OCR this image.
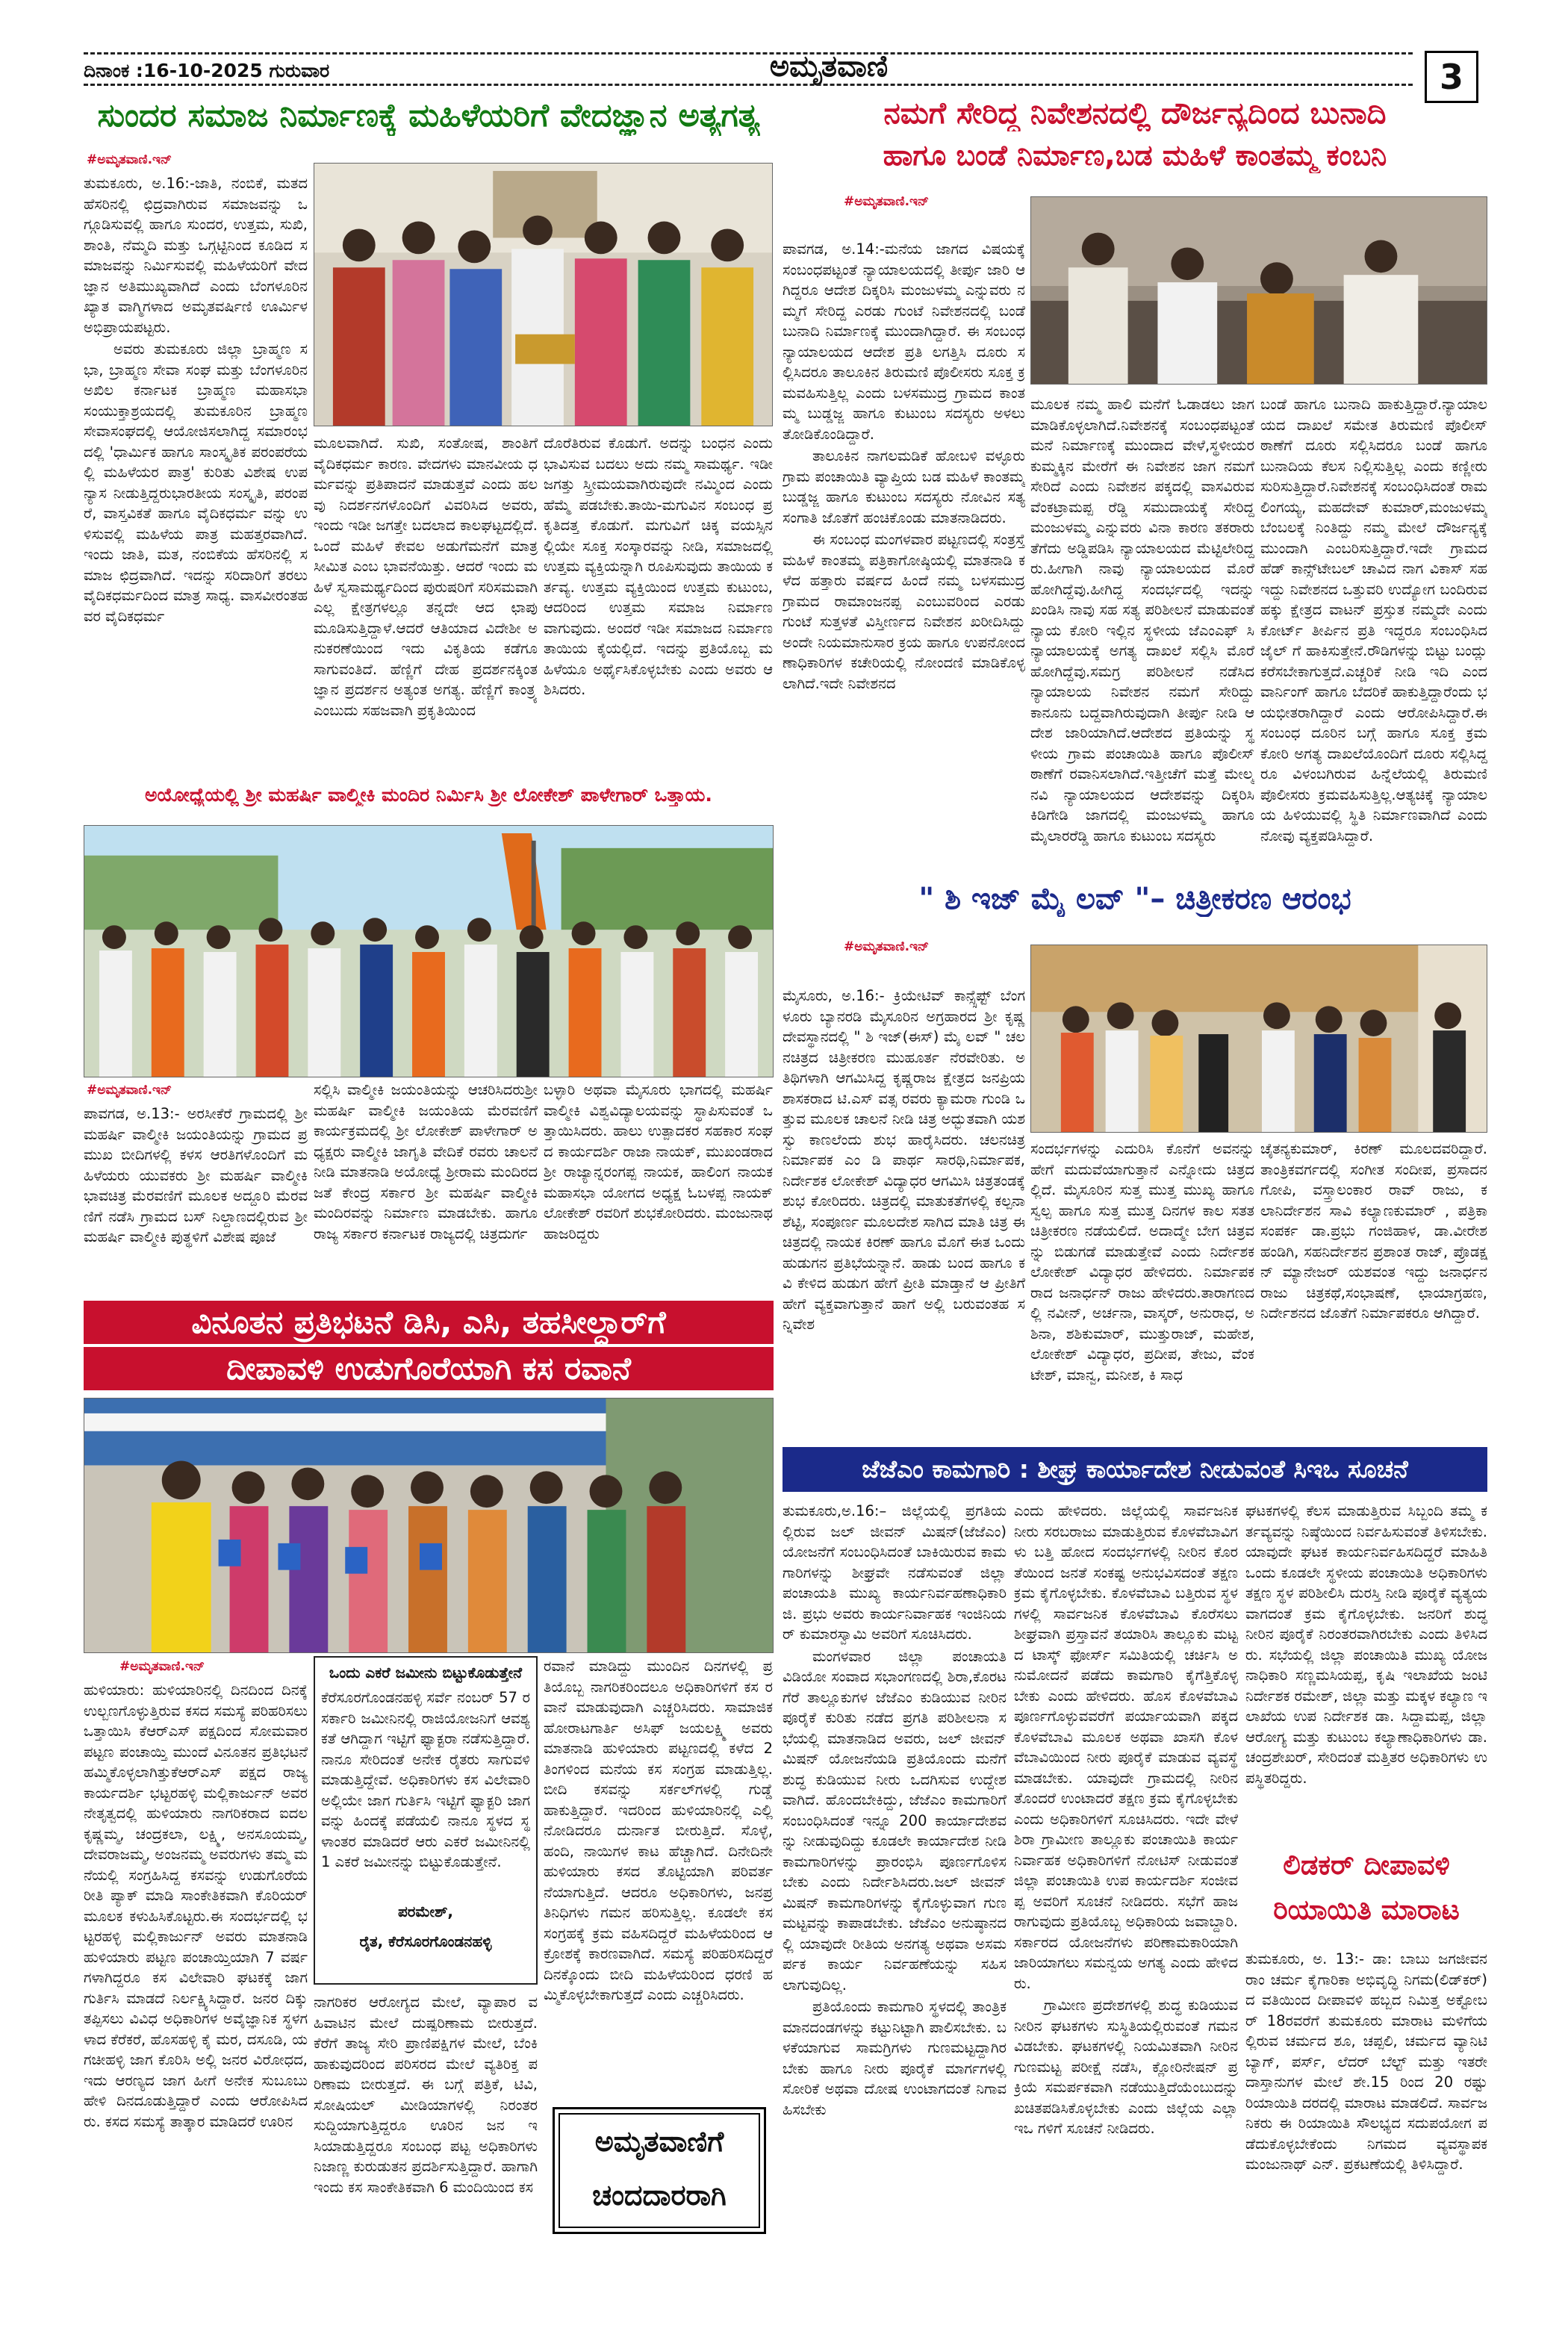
ದಿನಾಂಕ :16-10-2025 ಗುರುವಾರ	ಅಮೃತವಾಣಿ	3
ಸುಂದರ ಸಮಾಜ ನಿರ್ಮಾಣಕ್ಕೆ ಮಹಿಳೆಯರಿಗೆ ವೇದಜ್ಞಾನ ಅತ್ಯಗತ್ಯ
#ಅಮೃತವಾಣಿ.ಇನ್

ತುಮಕೂರು, ಅ.16:-ಜಾತಿ, ನಂಬಿಕೆ, ಮತದ ಹೆಸರಿನಲ್ಲಿ ಛಿದ್ರವಾಗಿರುವ ಸಮಾಜವನ್ನು ಒಗ್ಗೂಡಿಸುವಲ್ಲಿ ಹಾಗೂ ಸುಂದರ, ಉತ್ತಮ, ಸುಖಿ, ಶಾಂತಿ, ನೆಮ್ಮದಿ ಮತ್ತು ಒಗ್ಗಟ್ಟಿನಿಂದ ಕೂಡಿದ ಸಮಾಜವನ್ನು ನಿರ್ಮಿಸುವಲ್ಲಿ ಮಹಿಳೆಯರಿಗೆ ವೇದಜ್ಞಾನ ಅತಿಮುಖ್ಯವಾಗಿದೆ ಎಂದು ಬೆಂಗಳೂರಿನ ಖ್ಯಾತ ವಾಗ್ಮಿಗಳಾದ ಅಮೃತವರ್ಷಿಣಿ ಊರ್ಮಿಳ ಅಭಿಪ್ರಾಯಪಟ್ಟರು.

ಅವರು ತುಮಕೂರು ಜಿಲ್ಲಾ ಬ್ರಾಹ್ಮಣ ಸಭಾ, ಬ್ರಾಹ್ಮಣ ಸೇವಾ ಸಂಘ ಮತ್ತು ಬೆಂಗಳೂರಿನ ಅಖಿಲ ಕರ್ನಾಟಕ ಬ್ರಾಹ್ಮಣ ಮಹಾಸಭಾ ಸಂಯುಕ್ತಾಶ್ರಯದಲ್ಲಿ ತುಮಕೂರಿನ ಬ್ರಾಹ್ಮಣ ಸೇವಾಸಂಘದಲ್ಲಿ ಆಯೋಜಿಸಲಾಗಿದ್ದ ಸಮಾರಂಭದಲ್ಲಿ 'ಧಾರ್ಮಿಕ ಹಾಗೂ ಸಾಂಸ್ಕೃತಿಕ ಪರಂಪರೆಯಲ್ಲಿ ಮಹಿಳೆಯರ ಪಾತ್ರ' ಕುರಿತು ವಿಶೇಷ ಉಪನ್ಯಾಸ ನೀಡುತ್ತಿದ್ದರುಭಾರತೀಯ ಸಂಸ್ಕೃತಿ, ಪರಂಪರೆ, ವಾಸ್ತವಿಕತೆ ಹಾಗೂ ವೈದಿಕಧರ್ಮ ವನ್ನು ಉಳಿಸುವಲ್ಲಿ ಮಹಿಳೆಯ ಪಾತ್ರ ಮಹತ್ತರವಾಗಿದೆ. ಇಂದು ಜಾತಿ, ಮತ, ನಂಬಿಕೆಯ ಹೆಸರಿನಲ್ಲಿ ಸಮಾಜ ಛಿದ್ರವಾಗಿದೆ. ಇದನ್ನು ಸರಿದಾರಿಗೆ ತರಲು ವೈದಿಕಧರ್ಮದಿಂದ ಮಾತ್ರ ಸಾಧ್ಯ. ವಾಸವೀರಂತಹವರ ವೈದಿಕಧರ್ಮ

ಮೂಲವಾಗಿದೆ. ಸುಖಿ, ಸಂತೋಷ, ಶಾಂತಿಗೆ ವೈದಿಕಧರ್ಮ ಕಾರಣ. ವೇದಗಳು ಮಾನವೀಯ ಧರ್ಮವನ್ನು ಪ್ರತಿಪಾದನೆ ಮಾಡುತ್ತವೆ ಎಂದು ಹಲವು ನಿದರ್ಶನಗಳೊಂದಿಗೆ ವಿವರಿಸಿದ ಅವರು, ಇಂದು ಇಡೀ ಜಗತ್ತೇ ಬದಲಾದ ಕಾಲಘಟ್ಟದಲ್ಲಿದೆ. ಒಂದೆ ಮಹಿಳೆ ಕೇವಲ ಅಡುಗೆಮನೆಗೆ ಮಾತ್ರ ಸೀಮಿತ ಎಂಬ ಭಾವನೆಯಿತ್ತು. ಆದರೆ ಇಂದು ಮಹಿಳೆ ಸ್ವಸಾಮರ್ಥ್ಯದಿಂದ ಪುರುಷರಿಗೆ ಸರಿಸಮವಾಗಿ ಎಲ್ಲ ಕ್ಷೇತ್ರಗಳಲ್ಲೂ ತನ್ನದೇ ಆದ ಛಾಪು ಮೂಡಿಸುತ್ತಿದ್ದಾಳೆ.ಆದರೆ ಆತಿಯಾದ ವಿದೇಶೀ ಅನುಕರಣೆಯಿಂದ ಇದು ವಿಕೃತಿಯ ಕಡೆಗೂ ಸಾಗುವಂತಿದೆ. ಹೆಣ್ಣಿಗೆ ದೇಹ ಪ್ರದರ್ಶನಕ್ಕಿಂತ ಜ್ಞಾನ ಪ್ರದರ್ಶನ ಅತ್ಯಂತ ಅಗತ್ಯ. ಹೆಣ್ಣಿಗೆ ಕಾಂತ್ರ್ಯ ಎಂಬುದು ಸಹಜವಾಗಿ ಪ್ರಕೃತಿಯಿಂದ
ದೊರೆತಿರುವ ಕೊಡುಗೆ. ಅದನ್ನು ಬಂಧನ ಎಂದು ಭಾವಿಸುವ ಬದಲು ಅದು ನಮ್ಮ ಸಾಮರ್ಥ್ಯ. ಇಡೀ ಜಗತ್ತು ಸ್ತ್ರೀಮಯವಾಗಿರುವುದೇ ನಮ್ಮಿಂದ ಎಂದು ಹೆಮ್ಮೆ ಪಡಬೇಕು.ತಾಯಿ-ಮಗುವಿನ ಸಂಬಂಧ ಪ್ರಕೃತಿದತ್ತ ಕೊಡುಗೆ. ಮಗುವಿಗೆ ಚಿಕ್ಕ ವಯಸ್ಸಿನಲ್ಲಿಯೇ ಸೂಕ್ತ ಸಂಸ್ಕಾರವನ್ನು ನೀಡಿ, ಸಮಾಜದಲ್ಲಿ ಉತ್ತಮ ವ್ಯಕ್ತಿಯನ್ನಾಗಿ ರೂಪಿಸುವುದು ತಾಯಿಯ ಕರ್ತವ್ಯ. ಉತ್ತಮ ವ್ಯಕ್ತಿಯಿಂದ ಉತ್ತಮ ಕುಟುಂಬ, ಆದರಿಂದ ಉತ್ತಮ ಸಮಾಜ ನಿರ್ಮಾಣವಾಗುವುದು. ಅಂದರೆ ಇಡೀ ಸಮಾಜದ ನಿರ್ಮಾಣ ತಾಯಿಯ ಕೈಯಲ್ಲಿದೆ. ಇದನ್ನು ಪ್ರತಿಯೊಬ್ಬ ಮಹಿಳೆಯೂ ಅರ್ಥೈಸಿಕೊಳ್ಳಬೇಕು ಎಂದು ಅವರು ಆಶಿಸಿದರು.
ಅಯೋಧ್ಯೆಯಲ್ಲಿ ಶ್ರೀ ಮಹರ್ಷಿ ವಾಲ್ಮೀಕಿ ಮಂದಿರ ನಿರ್ಮಿಸಿ ಶ್ರೀ ಲೋಕೇಶ್ ಪಾಳೇಗಾರ್ ಒತ್ತಾಯ.
#ಅಮೃತವಾಣಿ.ಇನ್
ಪಾವಗಡ, ಅ.13:- ಅರಸೀಕೆರೆ ಗ್ರಾಮದಲ್ಲಿ ಶ್ರೀ ಮಹರ್ಷಿ ವಾಲ್ಮೀಕಿ ಜಯಂತಿಯನ್ನು ಗ್ರಾಮದ ಪ್ರಮುಖ ಬೀದಿಗಳಲ್ಲಿ ಕಳಸ ಆರತಿಗಳೊಂದಿಗೆ ಮಹಿಳೆಯರು ಯುವಕರು ಶ್ರೀ ಮಹರ್ಷಿ ವಾಲ್ಮೀಕಿ ಭಾವಚಿತ್ರ ಮೆರವಣಿಗೆ ಮೂಲಕ ಅದ್ದೂರಿ ಮೆರವಣಿಗೆ ನಡೆಸಿ ಗ್ರಾಮದ ಬಸ್ ನಿಲ್ದಾಣದಲ್ಲಿರುವ ಶ್ರೀ ಮಹರ್ಷಿ ವಾಲ್ಮೀಕಿ ಪುತ್ಥಳಿಗೆ ವಿಶೇಷ ಪೂಜೆ
ಸಲ್ಲಿಸಿ ವಾಲ್ಮೀಕಿ ಜಯಂತಿಯನ್ನು ಆಚರಿಸಿದರುಶ್ರೀ ಮಹರ್ಷಿ ವಾಲ್ಮೀಕಿ ಜಯಂತಿಯ ಮೆರವಣಿಗೆ ಕಾರ್ಯಕ್ರಮದಲ್ಲಿ ಶ್ರೀ ಲೋಕೇಶ್ ಪಾಳೇಗಾರ್ ಅಧ್ಯಕ್ಷರು ವಾಲ್ಮೀಕಿ ಜಾಗೃತಿ ವೇದಿಕೆ ರವರು ಚಾಲನೆ ನೀಡಿ ಮಾತನಾಡಿ ಅಯೋಧ್ಯೆ ಶ್ರೀರಾಮ ಮಂದಿರದ ಜತೆ ಕೇಂದ್ರ ಸರ್ಕಾರ ಶ್ರೀ ಮಹರ್ಷಿ ವಾಲ್ಮೀಕಿ ಮಂದಿರವನ್ನು ನಿರ್ಮಾಣ ಮಾಡಬೇಕು. ಹಾಗೂ ರಾಜ್ಯ ಸರ್ಕಾರ ಕರ್ನಾಟಕ ರಾಜ್ಯದಲ್ಲಿ ಚಿತ್ರದುರ್ಗ
ಬಳ್ಳಾರಿ ಅಥವಾ ಮೈಸೂರು ಭಾಗದಲ್ಲಿ ಮಹರ್ಷಿ ವಾಲ್ಮೀಕಿ ವಿಶ್ವವಿದ್ಯಾಲಯವನ್ನು ಸ್ಥಾಪಿಸುವಂತೆ ಒತ್ತಾಯಿಸಿದರು. ಹಾಲು ಉತ್ಪಾದಕರ ಸಹಕಾರ ಸಂಘದ ಕಾರ್ಯದರ್ಶಿ ರಾಜಾ ನಾಯಕ್, ಮುಖಂಡರಾದ ಶ್ರೀ ರಾಜ್ಯಾನ್ನರಂಗಪ್ಪ ನಾಯಕ, ಹಾಲಿಂಗ ನಾಯಕ ಮಹಾಸಭಾ ಯೋಗದ ಅಧ್ಯಕ್ಷ ಓಬಳಪ್ಪ ನಾಯಕ್ ಲೋಕೇಶ್ ರವರಿಗೆ ಶುಭಕೋರಿದರು. ಮಂಜುನಾಥ ಹಾಜರಿದ್ದರು
ವಿನೂತನ ಪ್ರತಿಭಟನೆ ಡಿಸಿ, ಎಸಿ, ತಹಸೀಲ್ದಾರ್‌ಗೆ
ದೀಪಾವಳಿ ಉಡುಗೊರೆಯಾಗಿ ಕಸ ರವಾನೆ
#ಅಮೃತವಾಣಿ.ಇನ್
ಹುಳಿಯಾರು: ಹುಳಿಯಾರಿನಲ್ಲಿ ದಿನದಿಂದ ದಿನಕ್ಕೆ ಉಲ್ಬಣಗೊಳ್ಳುತ್ತಿರುವ ಕಸದ ಸಮಸ್ಯೆ ಪರಿಹರಿಸಲು ಒತ್ತಾಯಿಸಿ ಕೆಆರ್‌ಎಸ್ ಪಕ್ಷದಿಂದ ಸೋಮವಾರ ಪಟ್ಟಣ ಪಂಚಾಯ್ತಿ ಮುಂದೆ ವಿನೂತನ ಪ್ರತಿಭಟನೆ ಹಮ್ಮಿಕೊಳ್ಳಲಾಗಿತ್ತುಕೆಆರ್‌ಎಸ್ ಪಕ್ಷದ ರಾಜ್ಯ ಕಾರ್ಯದರ್ಶಿ ಭಟ್ಟರಹಳ್ಳಿ ಮಲ್ಲಿಕಾರ್ಜುನ್ ಅವರ ನೇತೃತ್ವದಲ್ಲಿ ಹುಳಿಯಾರು ನಾಗರಿಕರಾದ ಐದಲ ಕೃಷ್ಣಮ್ಮ, ಚಂದ್ರಕಲಾ, ಲಕ್ಷ್ಮಿ, ಅನಸೂಯಮ್ಮ, ದೇವರಾಜಮ್ಮ, ಅಂಜನಮ್ಮ ಅವರುಗಳು ತಮ್ಮ ಮನೆಯಲ್ಲಿ ಸಂಗ್ರಹಿಸಿದ್ದ ಕಸವನ್ನು ಉಡುಗೊರೆಯ ರೀತಿ ಪ್ಯಾಕ್ ಮಾಡಿ ಸಾಂಕೇತಿಕವಾಗಿ ಕೊರಿಯರ್ ಮೂಲಕ ಕಳುಹಿಸಿಕೊಟ್ಟರು.ಈ ಸಂದರ್ಭದಲ್ಲಿ ಭಟ್ಟರಹಳ್ಳಿ ಮಲ್ಲಿಕಾರ್ಜುನ್ ಅವರು ಮಾತನಾಡಿ ಹುಳಿಯಾರು ಪಟ್ಟಣ ಪಂಚಾಯ್ತಿಯಾಗಿ 7 ವರ್ಷಗಳಾಗಿದ್ದರೂ ಕಸ ವಿಲೇವಾರಿ ಘಟಕಕ್ಕೆ ಜಾಗ ಗುರ್ತಿಸಿ ಮಾಡದೆ ನಿರ್ಲಕ್ಷ್ಯಿಸಿದ್ದಾರೆ. ಜನರ ದಿಕ್ಕು ತಪ್ಪಿಸಲು ವಿವಿಧ ಅಧಿಕಾರಿಗಳ ಅವೈಜ್ಞಾನಿಕ ಸ್ಥಳಗಳಾದ ಕೆರೆಕರೆ, ಹೊಸಹಳ್ಳಿ ಕೈ ಮರ, ದಸೂಡಿ, ಯಗಚೀಹಳ್ಳಿ ಜಾಗ ಕೊರಿಸಿ ಅಲ್ಲಿ ಜನರ ವಿರೋಧದ, ಇದು ಆರಣ್ಯದ ಜಾಗ ಹೀಗೆ ಅನೇಕ ಸುಬೂಬು ಹೇಳಿ ದಿನದೂಡುತ್ತಿದ್ದಾರೆ ಎಂದು ಆರೋಪಿಸಿದರು. ಕಸದ ಸಮಸ್ಯೆ ತಾತ್ಕಾರ ಮಾಡಿದರೆ ಊರಿನ
ಒಂದು ಎಕರೆ ಜಮೀನು ಬಿಟ್ಟುಕೊಡುತ್ತೇನೆ
ಕೆರೆಸೂರಗೊಂಡನಹಳ್ಳಿ ಸರ್ವೆ ನಂಬರ್ 57 ರ ಸರ್ಕಾರಿ ಜಮೀನಿನಲ್ಲಿ ರಾಜಿಯೋಜನಿಗೆ ಆವಶ್ಯಕತೆ ಆಗಿದ್ದಾಗ ಇಟ್ಟಿಗೆ ಫ್ಯಾಕ್ಟರಾ ನಡೆಸುತ್ತಿದ್ದಾರೆ. ನಾನೂ ಸೇರಿದಂತೆ ಅನೇಕ ರೈತರು ಸಾಗುವಳಿ ಮಾಡುತ್ತಿದ್ದೇವೆ. ಅಧಿಕಾರಿಗಳು ಕಸ ವಿಲೇವಾರಿ ಅಲ್ಲಿಯೇ ಜಾಗ ಗುರ್ತಿಸಿ ಇಟ್ಟಿಗೆ ಫ್ಯಾಕ್ಟರಿ ಜಾಗವನ್ನು ಹಿಂದಕ್ಕೆ ಪಡೆಯಲಿ ನಾನೂ ಸ್ಥಳದ ಸ್ಥಳಾಂತರ ಮಾಡಿದರೆ ಆರು ಎಕರೆ ಜಮೀನಿನಲ್ಲಿ 1 ಎಕರೆ ಜಮೀನನ್ನು ಬಿಟ್ಟುಕೊಡುತ್ತೇನೆ.
ಪರಮೇಶ್,
ರೈತ, ಕೆರೆಸೂರಗೊಂಡನಹಳ್ಳಿ
ನಾಗರಿಕರ ಆರೋಗ್ಯದ ಮೇಲೆ, ವ್ಯಾಪಾರ ವಹಿವಾಟಿನ ಮೇಲೆ ದುಷ್ಪರಿಣಾಮ ಬೀರುತ್ತದೆ. ಕೆರೆಗೆ ತಾಜ್ಯ ಸೇರಿ ಪ್ರಾಣಿಪಕ್ಷಿಗಳ ಮೇಲೆ, ಬೆಂಕಿ ಹಾಕುವುದರಿಂದ ಪರಿಸರದ ಮೇಲೆ ವ್ಯತಿರಿಕ್ತ ಪರಿಣಾಮ ಬೀರುತ್ತದೆ. ಈ ಬಗ್ಗೆ ಪತ್ರಿಕೆ, ಟಿವಿ, ಸೋಷಿಯಲ್ ಮೀಡಿಯಾಗಳಲ್ಲಿ ನಿರಂತರ ಸುದ್ದಿಯಾಗುತ್ತಿದ್ದರೂ ಊರಿನ ಜನ ಇಸಿಯಾಡುತ್ತಿದ್ದರೂ ಸಂಬಂಧ ಪಟ್ಟ ಅಧಿಕಾರಿಗಳು ನಿಜಾಣ್ಣ ಕುರುಡುತನ ಪ್ರದರ್ಶಿಸುತ್ತಿದ್ದಾರೆ. ಹಾಗಾಗಿ ಇಂದು ಕಸ ಸಾಂಕೇತಿಕವಾಗಿ 6 ಮಂದಿಯಿಂದ ಕಸ
ರವಾನೆ ಮಾಡಿದ್ದು ಮುಂದಿನ ದಿನಗಳಲ್ಲಿ ಪ್ರತಿಯೊಬ್ಬ ನಾಗರಿಕರಿಂದಲೂ ಅಧಿಕಾರಿಗಳಿಗೆ ಕಸ ರವಾನೆ ಮಾಡುವುದಾಗಿ ಎಚ್ಚರಿಸಿದರು. ಸಾಮಾಜಿಕ ಹೋರಾಟಗಾರ್ತಿ ಅಸಿಫ್‌ ಜಯಲಕ್ಷ್ಮಿ ಅವರು ಮಾತನಾಡಿ ಹುಳಿಯಾರು ಪಟ್ಟಣದಲ್ಲಿ ಕಳೆದ 2 ತಿಂಗಳಿಂದ ಮನೆಯ ಕಸ ಸಂಗ್ರಹ ಮಾಡುತ್ತಿಲ್ಲ. ಬೀದಿ ಕಸವನ್ನು ಸರ್ಕಲ್‌ಗಳಲ್ಲಿ ಗುಡ್ಡೆ ಹಾಕುತ್ತಿದ್ದಾರೆ. ಇದರಿಂದ ಹುಳಿಯಾರಿನಲ್ಲಿ ಎಲ್ಲಿ ನೋಡಿದರೂ ದುರ್ನಾತ ಬೀರುತ್ತಿದೆ. ಸೊಳ್ಳೆ, ಹಂದಿ, ನಾಯಿಗಳ ಕಾಟ ಹೆಚ್ಚಾಗಿದೆ. ದಿನೇದಿನೇ ಹುಳಿಯಾರು ಕಸದ ತೊಟ್ಟಿಯಾಗಿ ಪರಿವರ್ತನೆಯಾಗುತ್ತಿದೆ. ಆದರೂ ಅಧಿಕಾರಿಗಳು, ಜನಪ್ರತಿನಿಧಿಗಳು ಗಮನ ಹರಿಸುತ್ತಿಲ್ಲ. ಕೂಡಲೇ ಕಸ ಸಂಗ್ರಹಕ್ಕೆ ಕ್ರಮ ವಹಿಸದಿದ್ದರೆ ಮಹಿಳೆಯರಿಂದ ಆಕ್ರೋಶಕ್ಕೆ ಕಾರಣವಾಗಿದೆ. ಸಮಸ್ಯೆ ಪರಿಹರಿಸದಿದ್ದರೆ ದಿನಕ್ಕೊಂದು ಬೀದಿ ಮಹಿಳೆಯರಿಂದ ಧರಣಿ ಹಮ್ಮಿಕೊಳ್ಳಬೇಕಾಗುತ್ತದೆ ಎಂದು ಎಚ್ಚರಿಸಿದರು.
ಅಮೃತವಾಣಿಗೆ
ಚಂದದಾರರಾಗಿ
ನಮಗೆ ಸೇರಿದ್ದ ನಿವೇಶನದಲ್ಲಿ ದೌರ್ಜನ್ಯದಿಂದ ಬುನಾದಿ
ಹಾಗೂ ಬಂಡೆ ನಿರ್ಮಾಣ,ಬಡ ಮಹಿಳೆ ಕಾಂತಮ್ಮ ಕಂಬನಿ
#ಅಮೃತವಾಣಿ.ಇನ್

ಪಾವಗಡ, ಅ.14:-ಮನೆಯ ಜಾಗದ ವಿಷಯಕ್ಕೆ ಸಂಬಂಧಪಟ್ಟಂತೆ ನ್ಯಾಯಾಲಯದಲ್ಲಿ ತೀರ್ಪು ಜಾರಿ ಆಗಿದ್ದರೂ ಆದೇಶ ದಿಕ್ಕರಿಸಿ ಮಂಜುಳಮ್ಮ ಎನ್ನುವರು ನಮ್ಮಗೆ ಸೇರಿದ್ದ ಎರಡು ಗುಂಟೆ ನಿವೇಶನದಲ್ಲಿ ಬಂಡೆ ಬುನಾದಿ ನಿರ್ಮಾಣಕ್ಕೆ ಮುಂದಾಗಿದ್ದಾರೆ. ಈ ಸಂಬಂಧ ನ್ಯಾಯಾಲಯದ ಆದೇಶ ಪ್ರತಿ ಲಗತ್ತಿಸಿ ದೂರು ಸಲ್ಲಿಸಿದರೂ ತಾಲೂಕಿನ ತಿರುಮಣಿ ಪೊಲೀಸರು ಸೂಕ್ತ ಕ್ರಮವಹಿಸುತ್ತಿಲ್ಲ ಎಂದು ಬಳಸಮುದ್ರ ಗ್ರಾಮದ ಕಾಂತಮ್ಮ ಬುಡ್ಡಜ್ಜ ಹಾಗೂ ಕುಟುಂಬ ಸದಸ್ಯರು ಅಳಲು ತೋಡಿಕೊಂಡಿದ್ದಾರೆ.

ತಾಲೂಕಿನ ನಾಗಲಮಡಿಕೆ ಹೋಬಳಿ ವಳ್ಳೂರು ಗ್ರಾಮ ಪಂಚಾಯಿತಿ ವ್ಯಾಪ್ತಿಯ ಬಡ ಮಹಿಳೆ ಕಾಂತಮ್ಮ ಬುಡ್ಡಜ್ಜ ಹಾಗೂ ಕುಟುಂಬ ಸದಸ್ಯರು ನೋವಿನ ಸತ್ಯ ಸಂಗಾತಿ ಜೊತೆಗೆ ಹಂಚಿಕೊಂಡು ಮಾತನಾಡಿದರು.

ಈ ಸಂಬಂಧ ಮಂಗಳವಾರ ಪಟ್ಟಣದಲ್ಲಿ ಸಂತ್ರಸ್ತೆ ಮಹಿಳೆ ಕಾಂತಮ್ಮ ಪತ್ರಿಕಾಗೋಷ್ಠಿಯಲ್ಲಿ ಮಾತನಾಡಿ ಕಳೆದ ಹತ್ತಾರು ವರ್ಷದ ಹಿಂದೆ ನಮ್ಮ ಬಳಸಮುದ್ರ ಗ್ರಾಮದ ರಾಮಾಂಜನಪ್ಪ ಎಂಬುವರಿಂದ ಎರಡು ಗುಂಟೆ ಸುತ್ತಳತೆ ವಿಸ್ತೀರ್ಣದ ನಿವೇಶನ ಖರೀದಿಸಿದ್ದು ಅಂದೇ ನಿಯಮಾನುಸಾರ ಕ್ರಯ ಹಾಗೂ ಉಪನೋಂದಣಾಧಿಕಾರಿಗಳ ಕಚೇರಿಯಲ್ಲಿ ನೋಂದಣಿ ಮಾಡಿಕೊಳ್ಳಲಾಗಿದೆ.ಇದೇ ನಿವೇಶನದ

ಮೂಲಕ ನಮ್ಮ ಹಾಲಿ ಮನೆಗೆ ಓಡಾಡಲು ಜಾಗ ಮಾಡಿಕೊಳ್ಳಲಾಗಿದೆ.ನಿವೇಶನಕ್ಕೆ ಸಂಬಂಧಪಟ್ಟಂತೆ ಮನೆ ನಿರ್ಮಾಣಕ್ಕೆ ಮುಂದಾದ ವೇಳೆ,ಸ್ಥಳೀಯರ ಕುಮ್ಮಕ್ಕಿನ ಮೇರೆಗೆ ಈ ನಿವೇಶನ ಜಾಗ ನಮಗೆ ಸೇರಿದೆ ಎಂದು ನಿವೇಶನ ಪಕ್ಕದಲ್ಲಿ ವಾಸವಿರುವ ವೆಂಕಟ್ರಾಮಪ್ಪ ರೆಡ್ಡಿ ಸಮುದಾಯಕ್ಕೆ ಸೇರಿದ್ದ ಮಂಜುಳಮ್ಮ ಎನ್ನುವರು ವಿನಾ ಕಾರಣ ತಕರಾರು ತೆಗೆದು ಅಡ್ಡಿಪಡಿಸಿ ನ್ಯಾಯಾಲಯದ ಮೆಟ್ಟಿಲೇರಿದ್ದರು.ಹೀಗಾಗಿ ನಾವು ನ್ಯಾಯಾಲಯದ ಮೊರೆ ಹೋಗಿದ್ದೆವು.ಹೀಗಿದ್ದ ಸಂದರ್ಭದಲ್ಲಿ ಇದನ್ನು ಖಂಡಿಸಿ ನಾವು ಸಹ ಸತ್ಯ ಪರಿಶೀಲನೆ ಮಾಡುವಂತೆ ನ್ಯಾಯ ಕೋರಿ ಇಲ್ಲಿನ ಸ್ಥಳೀಯ ಜೆಎಂಎಫ್ ಸಿ ನ್ಯಾಯಾಲಯಕ್ಕೆ ಅಗತ್ಯ ದಾಖಲೆ ಸಲ್ಲಿಸಿ ಮೊರೆ ಹೋಗಿದ್ದೆವು.ಸಮಗ್ರ ಪರಿಶೀಲನೆ ನಡೆಸಿದ ನ್ಯಾಯಾಲಯ ನಿವೇಶನ ನಮಗೆ ಸೇರಿದ್ದು ಕಾನೂನು ಬದ್ದವಾಗಿರುವುದಾಗಿ ತೀರ್ಪು ನೀಡಿ ಆದೇಶ ಜಾರಿಯಾಗಿದೆ.ಆದೇಶದ ಪ್ರತಿಯನ್ನು ಸ್ಥಳೀಯ ಗ್ರಾಮ ಪಂಚಾಯಿತಿ ಹಾಗೂ ಪೊಲೀಸ್ ಠಾಣೆಗೆ ರವಾನಿಸಲಾಗಿದೆ.ಇತ್ತೀಚೆಗೆ ಮತ್ತೆ ಮೇಲ್ಮನವಿ ನ್ಯಾಯಾಲಯದ ಆದೇಶವನ್ನು ದಿಕ್ಕರಿಸಿ ಕಿಡಿಗೇಡಿ ಜಾಗದಲ್ಲಿ ಮಂಜುಳಮ್ಮ ಹಾಗೂ ಮೈಲಾರರೆಡ್ಡಿ ಹಾಗೂ ಕುಟುಂಬ ಸದಸ್ಯರು
ಬಂಡೆ ಹಾಗೂ ಬುನಾದಿ ಹಾಕುತ್ತಿದ್ದಾರೆ.ನ್ಯಾಯಾಲಯದ ದಾಖಲೆ ಸಮೇತ ತಿರುಮಣಿ ಪೊಲೀಸ್ ಠಾಣೆಗೆ ದೂರು ಸಲ್ಲಿಸಿದರೂ ಬಂಡೆ ಹಾಗೂ ಬುನಾದಿಯ ಕೆಲಸ ನಿಲ್ಲಿಸುತ್ತಿಲ್ಲ ಎಂದು ಕಣ್ಣೀರು ಸುರಿಸುತ್ತಿದ್ದಾರೆ.ನಿವೇಶನಕ್ಕೆ ಸಂಬಂಧಿಸಿದಂತೆ ರಾಮಲಿಂಗಯ್ಯ, ಮಹದೇವ್ ಕುಮಾರ್,ಮಂಜುಳಮ್ಮ ಬೆಂಬಲಕ್ಕೆ ನಿಂತಿದ್ದು ನಮ್ಮ ಮೇಲೆ ದೌರ್ಜನ್ಯಕ್ಕೆ ಮುಂದಾಗಿ ಎಂಬರಿಸುತ್ತಿದ್ದಾರೆ.ಇದೇ ಗ್ರಾಮದ ಹೆಡ್ ಕಾನ್ಸ್‌ಟೇಬಲ್ ಚಾವಿದ ನಾಗ ವಿಕಾಸ್ ಸಹ ಇದ್ದು ನಿವೇಶನದ ಒತ್ತುವರಿ ಉದ್ಯೋಗ ಬಂದಿರುವ ಹಕ್ಕು ಕ್ಷೇತ್ರದ ವಾಟನ್ ಪ್ರಸ್ತುತ ನಮ್ಮದೇ ಎಂದು ಕೋರ್ಟ್ ತೀರ್ಪಿನ ಪ್ರತಿ ಇದ್ದರೂ ಸಂಬಂಧಿಸಿದ ಜೈಲ್ ಗೆ ಹಾಕಿಸುತ್ತೇನೆ.ರೌಡಿಗಳನ್ನು ಬಿಟ್ಟು ಬಂದ್ಲು ಕರೆಸಬೇಕಾಗುತ್ತದೆ.ಎಚ್ಚರಿಕೆ ನೀಡಿ ಇದಿ ಎಂದ ವಾರ್ನಿಂಗ್ ಹಾಗೂ ಬೆದರಿಕೆ ಹಾಕುತ್ತಿದ್ದಾರೆಂದು ಭಯಭೀತರಾಗಿದ್ದಾರೆ ಎಂದು ಆರೋಪಿಸಿದ್ದಾರೆ.ಈ ಸಂಬಂಧ ದೂರಿನ ಬಗ್ಗೆ ಹಾಗೂ ಸೂಕ್ತ ಕ್ರಮ ಕೋರಿ ಅಗತ್ಯ ದಾಖಲೆಯೊಂದಿಗೆ ದೂರು ಸಲ್ಲಿಸಿದ್ದರೂ ವಿಳಂಬಗಿರುವ ಹಿನ್ನೆಲೆಯಲ್ಲಿ ತಿರುಮಣಿ ಪೊಲೀಸರು ಕ್ರಮವಹಿಸುತ್ತಿಲ್ಲ.ಆತ್ಯಚಿಕ್ಕೆ ನ್ಯಾಯಾಲಯ ಹಿಳಿಯುವಲ್ಲಿ ಸ್ಥಿತಿ ನಿರ್ಮಾಣವಾಗಿದೆ ಎಂದು ನೋವು ವ್ಯಕ್ತಪಡಿಸಿದ್ದಾರೆ.
" ಶಿ ಇಜ್ ಮೈ ಲವ್ "– ಚಿತ್ರೀಕರಣ ಆರಂಭ
#ಅಮೃತವಾಣಿ.ಇನ್
ಮೈಸೂರು, ಅ.16:- ಕ್ರಿಯೇಟಿವ್ ಕಾನ್ಸ್ಸೆಪ್ಟ್ ಬೆಂಗಳೂರು ಬ್ಯಾನರಡಿ ಮೈಸೂರಿನ ಅಗ್ರಹಾರದ ಶ್ರೀ ಕೃಷ್ಣ ದೇವಸ್ಥಾನದಲ್ಲಿ " ಶಿ ಇಜ್(ಈಸ್) ಮೈ ಲವ್ " ಚಲನಚಿತ್ರದ ಚಿತ್ರೀಕರಣ ಮುಹೂರ್ತ ನೆರವೇರಿತು. ಅತಿಥಿಗಳಾಗಿ ಆಗಮಿಸಿದ್ದ ಕೃಷ್ಣರಾಜ ಕ್ಷೇತ್ರದ ಜನಪ್ರಿಯ ಶಾಸಕರಾದ ಟಿ.ಎಸ್ ವತ್ಸ ರವರು ಕ್ಯಾಮರಾ ಗುಂಡಿ ಒತ್ತುವ ಮೂಲಕ ಚಾಲನೆ ನೀಡಿ ಚಿತ್ರ ಅದ್ಭುತವಾಗಿ ಯಶಸ್ವು ಕಾಣಲೆಂದು ಶುಭ ಹಾರೈಸಿದರು. ಚಲನಚಿತ್ರ ನಿರ್ಮಾಪಕ ಎಂ ಡಿ ಪಾರ್ಥ ಸಾರಥಿ,ನಿರ್ಮಾಪಕ,ನಿರ್ದೇಶಕ ಲೋಕೇಶ್ ವಿದ್ಯಾಧರ ಆಗಮಿಸಿ ಚಿತ್ರತಂಡಕ್ಕೆ ಶುಭ ಕೋರಿದರು. ಚಿತ್ರದಲ್ಲಿ ಮಾತುಕತೆಗಳಲ್ಲಿ ಕಲ್ಪನಾ ಶೆಟ್ಟಿ, ಸಂಪೂರ್ಣ ಮೂಲದೇಶ ಸಾಗಿದ ಮಾತಿ ಚಿತ್ರ ಈ ಚಿತ್ರದಲ್ಲಿ ನಾಯಕ ಕಿರಣ್ ಹಾಗೂ ಮೊಗೆ ಈತ ಒಂದು ಹುಡುಗನ ಪ್ರತಿಭೆಯನ್ನಾನೆ. ಹಾಡು ಬಂದ ಹಾಗೂ ಕವಿ ಕೇಳಿದ ಹುಡುಗ ಹೇಗೆ ಪ್ರೀತಿ ಮಾಡ್ತಾನೆ ಆ ಪ್ರೀತಿಗೆ ಹೇಗೆ ವ್ಯಕ್ತವಾಗುತ್ತಾನೆ ಹಾಗೆ ಅಲ್ಲಿ ಬರುವಂತಹ ಸನ್ನಿವೇಶ
ಸಂದರ್ಭಗಳನ್ನು ಎದುರಿಸಿ ಕೊನೆಗೆ ಅವನನ್ನು ಹೇಗೆ ಮದುವೆಯಾಗುತ್ತಾನೆ ಎನ್ನೋದು ಚಿತ್ರದಲ್ಲಿದೆ. ಮೈಸೂರಿನ ಸುತ್ತ ಮುತ್ತ ಮುಖ್ಯ ಹಾಗೂ ಸ್ವಲ್ಪ ಹಾಗೂ ಸುತ್ತ ಮುತ್ತ ದಿನಗಳ ಕಾಲ ಸತತ ಚಿತ್ರೀಕರಣ ನಡೆಯಲಿದೆ. ಅದಾದ್ಮೇ ಬೇಗ ಚಿತ್ರವನ್ನು ಬಿಡುಗಡೆ ಮಾಡುತ್ತೇವೆ ಎಂದು ನಿರ್ದೇಶಕ ಲೋಕೇಶ್ ವಿದ್ಯಾಧರ ಹೇಳಿದರು. ನಿರ್ಮಾಪಕರಾದ ಜನಾರ್ಧನ್ ರಾಜು ಹೇಳಿದರು.ತಾರಾಗಣದಲ್ಲಿ ನವೀನ್, ಅರ್ಚನಾ, ವಾಸ್ಕರ್, ಅನುರಾಧ, ಅಶಿನಾ, ಶಶಿಕುಮಾರ್, ಮುತ್ತುರಾಜ್, ಮಹೇಶ, ಲೋಕೇಶ್ ವಿದ್ಯಾಧರ, ಪ್ರದೀಪ, ತೇಜು, ವೆಂಕಟೇಶ್, ಮಾನ್ವ, ಮನೀಶ, ಕಿ ಸಾಧ
ಚೈತನ್ಯಕುಮಾರ್, ಕಿರಣ್ ಮೂಲದವರಿದ್ದಾರೆ. ತಾಂತ್ರಿಕವರ್ಗದಲ್ಲಿ ಸಂಗೀತ ಸಂದೀಪ, ಪ್ರಸಾದನ ಗೋಪಿ, ವಸ್ತ್ರಾಲಂಕಾರ ರಾವ್ ರಾಜು, ಕಲಾನಿರ್ದೇಶನ ಸಾವಿ ಕಲ್ಯಾಣಕುಮಾರ್ , ಪತ್ರಿಕಾ ಸಂಪರ್ಕ ಡಾ.ಪ್ರಭು ಗಂಜಿಹಾಳ, ಡಾ.ವೀರೇಶ ಹಂಡಿಗಿ, ಸಹನಿರ್ದೇಶನ ಪ್ರಶಾಂತ ರಾಜ್, ಪ್ರೊಡಕ್ಷನ್ ಮ್ಯಾನೇಜರ್ ಯಶವಂತ ಇದ್ದು ಜನಾರ್ಧನ ರಾಜು ಚಿತ್ರಕಥೆ,ಸಂಭಾಷಣೆ, ಛಾಯಾಗ್ರಹಣ, ನಿರ್ದೇಶನದ ಜೊತೆಗೆ ನಿರ್ಮಾಪಕರೂ ಆಗಿದ್ದಾರೆ.
ಜೆಜೆಎಂ ಕಾಮಗಾರಿ : ಶೀಘ್ರ ಕಾರ್ಯಾದೇಶ ನೀಡುವಂತೆ ಸಿಇಒ ಸೂಚನೆ

ತುಮಕೂರು,ಅ.16:– ಜಿಲ್ಲೆಯಲ್ಲಿ ಪ್ರಗತಿಯಲ್ಲಿರುವ ಜಲ್ ಜೀವನ್ ಮಿಷನ್(ಜೆಜೆಎಂ) ಯೋಜನೆಗೆ ಸಂಬಂಧಿಸಿದಂತೆ ಬಾಕಿಯಿರುವ ಕಾಮಗಾರಿಗಳನ್ನು ಶೀಘ್ರವೇ ನಡೆಸುವಂತೆ ಜಿಲ್ಲಾ ಪಂಚಾಯತಿ ಮುಖ್ಯ ಕಾರ್ಯನಿರ್ವಹಣಾಧಿಕಾರಿ ಜಿ. ಪ್ರಭು ಅವರು ಕಾರ್ಯನಿರ್ವಾಹಕ ಇಂಜಿನಿಯರ್ ಕುಮಾರಸ್ವಾಮಿ ಅವರಿಗೆ ಸೂಚಿಸಿದರು.

ಮಂಗಳವಾರ ಜಿಲ್ಲಾ ಪಂಚಾಯತಿ ವಿಡಿಯೋ ಸಂವಾದ ಸಭಾಂಗಣದಲ್ಲಿ ಶಿರಾ,ಕೊರಟಗೆರೆ ತಾಲ್ಲೂಕುಗಳ ಜೆಜೆಎಂ ಕುಡಿಯುವ ನೀರಿನ ಪೂರೈಕೆ ಕುರಿತು ನಡೆದ ಪ್ರಗತಿ ಪರಿಶೀಲನಾ ಸಭೆಯಲ್ಲಿ ಮಾತನಾಡಿದ ಅವರು, ಜಲ್ ಜೀವನ್ ಮಿಷನ್ ಯೋಜನೆಯಡಿ ಪ್ರತಿಯೊಂದು ಮನೆಗೆ ಶುದ್ಧ ಕುಡಿಯುವ ನೀರು ಒದಗಿಸುವ ಉದ್ದೇಶವಾಗಿದೆ. ಹೊಂದಬೇಕಿದ್ದು, ಜೆಜೆಎಂ ಕಾಮಗಾರಿಗೆ ಸಂಬಂಧಿಸಿದಂತೆ ಇನ್ನೂ 200 ಕಾರ್ಯಾದೇಶವನ್ನು ನೀಡುವುದಿದ್ದು ಕೂಡಲೇ ಕಾರ್ಯಾದೇಶ ನೀಡಿ ಕಾಮಗಾರಿಗಳನ್ನು ಪ್ರಾರಂಭಿಸಿ ಪೂರ್ಣಗೊಳಿಸಬೇಕು ಎಂದು ನಿರ್ದೇಶಿಸಿದರು.ಜಲ್ ಜೀವನ್ ಮಿಷನ್ ಕಾಮಗಾರಿಗಳನ್ನು ಕೈಗೊಳ್ಳುವಾಗ ಗುಣಮಟ್ಟವನ್ನು ಕಾಪಾಡಬೇಕು. ಜೆಜೆಎಂ ಅನುಷ್ಠಾನದಲ್ಲಿ ಯಾವುದೇ ರೀತಿಯ ಅನಗತ್ಯ ಅಥವಾ ಅಸಮರ್ಪಕ ಕಾರ್ಯ ನಿರ್ವಹಣೆಯನ್ನು ಸಹಿಸಲಾಗುವುದಿಲ್ಲ.

ಪ್ರತಿಯೊಂದು ಕಾಮಗಾರಿ ಸ್ಥಳದಲ್ಲಿ ತಾಂತ್ರಿಕ ಮಾನದಂಡಗಳನ್ನು ಕಟ್ಟುನಿಟ್ಟಾಗಿ ಪಾಲಿಸಬೇಕು. ಬಳಕೆಯಾಗುವ ಸಾಮಗ್ರಿಗಳು ಗುಣಮಟ್ಟದ್ದಾಗಿರಬೇಕು ಹಾಗೂ ನೀರು ಪೂರೈಕೆ ಮಾರ್ಗಗಳಲ್ಲಿ ಸೋರಿಕೆ ಅಥವಾ ದೋಷ ಉಂಟಾಗದಂತೆ ನಿಗಾವಹಿಸಬೇಕು

ಎಂದು ಹೇಳಿದರು. ಜಿಲ್ಲೆಯಲ್ಲಿ ಸಾರ್ವಜನಿಕ ನೀರು ಸರಬರಾಜು ಮಾಡುತ್ತಿರುವ ಕೊಳವೆಬಾವಿಗಳು ಬತ್ತಿ ಹೋದ ಸಂದರ್ಭಗಳಲ್ಲಿ ನೀರಿನ ಕೊರತೆಯಿಂದ ಜನತೆ ಸಂಕಷ್ಟ ಅನುಭವಿಸದಂತೆ ತಕ್ಷಣ ಕ್ರಮ ಕೈಗೊಳ್ಳಬೇಕು. ಕೊಳವೆಬಾವಿ ಬತ್ತಿರುವ ಸ್ಥಳಗಳಲ್ಲಿ ಸಾರ್ವಜನಿಕ ಕೊಳವೆಬಾವಿ ಕೊರೆಸಲು ಶೀಘ್ರವಾಗಿ ಪ್ರಸ್ತಾವನೆ ತಯಾರಿಸಿ ತಾಲ್ಲೂಕು ಮಟ್ಟದ ಟಾಸ್ಕ್ ಫೋರ್ಸ್ ಸಮಿತಿಯಲ್ಲಿ ಚರ್ಚಿಸಿ ಅನುಮೋದನೆ ಪಡೆದು ಕಾಮಗಾರಿ ಕೈಗೆತ್ತಿಕೊಳ್ಳಬೇಕು ಎಂದು ಹೇಳಿದರು. ಹೊಸ ಕೊಳವೆಬಾವಿ ಪೂರ್ಣಗೊಳ್ಳುವವರೆಗೆ ಪರ್ಯಾಯವಾಗಿ ಪಕ್ಕದ ಕೊಳವೆಬಾವಿ ಮೂಲಕ ಅಥವಾ ಖಾಸಗಿ ಕೊಳವೆಬಾವಿಯಿಂದ ನೀರು ಪೂರೈಕೆ ಮಾಡುವ ವ್ಯವಸ್ಥೆ ಮಾಡಬೇಕು. ಯಾವುದೇ ಗ್ರಾಮದಲ್ಲಿ ನೀರಿನ ತೊಂದರೆ ಉಂಟಾದರೆ ತಕ್ಷಣ ಕ್ರಮ ಕೈಗೊಳ್ಳಬೇಕು ಎಂದು ಅಧಿಕಾರಿಗಳಿಗೆ ಸೂಚಿಸಿದರು. ಇದೇ ವೇಳೆ ಶಿರಾ ಗ್ರಾಮೀಣ ತಾಲ್ಲೂಕು ಪಂಚಾಯಿತಿ ಕಾರ್ಯನಿರ್ವಾಹಕ ಅಧಿಕಾರಿಗಳಿಗೆ ನೋಟಿಸ್ ನೀಡುವಂತೆ ಜಿಲ್ಲಾ ಪಂಚಾಯಿತಿ ಉಪ ಕಾರ್ಯದರ್ಶಿ ಸಂಜೀವಪ್ಪ ಅವರಿಗೆ ಸೂಚನೆ ನೀಡಿದರು. ಸಭೆಗೆ ಹಾಜರಾಗುವುದು ಪ್ರತಿಯೊಬ್ಬ ಅಧಿಕಾರಿಯ ಜವಾಬ್ದಾರಿ. ಸರ್ಕಾರದ ಯೋಜನೆಗಳು ಪರಿಣಾಮಕಾರಿಯಾಗಿ ಜಾರಿಯಾಗಲು ಸಮನ್ವಯ ಅಗತ್ಯ ಎಂದು ಹೇಳಿದರು.

ಗ್ರಾಮೀಣ ಪ್ರದೇಶಗಳಲ್ಲಿ ಶುದ್ಧ ಕುಡಿಯುವ ನೀರಿನ ಘಟಕಗಳು ಸುಸ್ಥಿತಿಯಲ್ಲಿರುವಂತೆ ಗಮನವಿಡಬೇಕು. ಘಟಕಗಳಲ್ಲಿ ನಿಯಮಿತವಾಗಿ ನೀರಿನ ಗುಣಮಟ್ಟ ಪರೀಕ್ಷೆ ನಡೆಸಿ, ಕ್ಲೋರಿನೇಷನ್ ಪ್ರಕ್ರಿಯೆ ಸಮರ್ಪಕವಾಗಿ ನಡೆಯುತ್ತಿದೆಯೆಂಬುದನ್ನು ಖಚಿತಪಡಿಸಿಕೊಳ್ಳಬೇಕು ಎಂದು ಜಿಲ್ಲೆಯ ಎಲ್ಲಾ ಇಒ ಗಳಿಗೆ ಸೂಚನೆ ನೀಡಿದರು.

ಘಟಕಗಳಲ್ಲಿ ಕೆಲಸ ಮಾಡುತ್ತಿರುವ ಸಿಬ್ಬಂದಿ ತಮ್ಮ ಕರ್ತವ್ಯವನ್ನು ನಿಷ್ಠೆಯಿಂದ ನಿರ್ವಹಿಸುವಂತೆ ತಿಳಿಸಬೇಕು.ಯಾವುದೇ ಘಟಕ ಕಾರ್ಯನಿರ್ವಹಿಸದಿದ್ದರೆ ಮಾಹಿತಿ ಒಂದು ಕೂಡಲೇ ಸ್ಥಳೀಯ ಪಂಚಾಯಿತಿ ಅಧಿಕಾರಿಗಳು ತಕ್ಷಣ ಸ್ಥಳ ಪರಿಶೀಲಿಸಿ ದುರಸ್ತಿ ನೀಡಿ ಪೂರೈಕೆ ವ್ಯತ್ಯಯವಾಗದಂತೆ ಕ್ರಮ ಕೈಗೊಳ್ಳಬೇಕು. ಜನರಿಗೆ ಶುದ್ಧ ನೀರಿನ ಪೂರೈಕೆ ನಿರಂತರವಾಗಿರಬೇಕು ಎಂದು ತಿಳಿಸಿದರು. ಸಭೆಯಲ್ಲಿ ಜಿಲ್ಲಾ ಪಂಚಾಯಿತಿ ಮುಖ್ಯ ಯೋಜನಾಧಿಕಾರಿ ಸಣ್ಣಮಸಿಯಪ್ಪ, ಕೃಷಿ ಇಲಾಖೆಯ ಜಂಟಿ ನಿರ್ದೇಶಕ ರಮೇಶ್, ಜಿಲ್ಲಾ ಮತ್ತು ಮಕ್ಕಳ ಕಲ್ಯಾಣ ಇಲಾಖೆಯ ಉಪ ನಿರ್ದೇಶಕ ಡಾ. ಸಿದ್ದಾಮಪ್ಪ, ಜಿಲ್ಲಾ ಆರೋಗ್ಯ ಮತ್ತು ಕುಟುಂಬ ಕಲ್ಯಾಣಾಧಿಕಾರಿಗಳು ಡಾ. ಚಂದ್ರಶೇಖರ್, ಸೇರಿದಂತೆ ಮತ್ತಿತರ ಅಧಿಕಾರಿಗಳು ಉಪಸ್ಥಿತರಿದ್ದರು.
ಲಿಡಕರ್ ದೀಪಾವಳಿ
ರಿಯಾಯಿತಿ ಮಾರಾಟ
ತುಮಕೂರು, ಅ. 13:- ಡಾ: ಬಾಬು ಜಗಜೀವನರಾಂ ಚರ್ಮ ಕೈಗಾರಿಕಾ ಅಭಿವೃದ್ಧಿ ನಿಗಮ(ಲಿಡ್‌ಕರ್)ದ ವತಿಯಿಂದ ದೀಪಾವಳಿ ಹಬ್ಬದ ನಿಮಿತ್ತ ಅಕ್ಟೋಬರ್ 18ರವರೆಗೆ ತುಮಕೂರು ಮಾರಾಟ ಮಳಿಗೆಯಲ್ಲಿರುವ ಚರ್ಮದ ಶೂ, ಚಪ್ಪಲಿ, ಚರ್ಮದ ವ್ಯಾನಿಟಿ ಬ್ಯಾಗ್, ಪರ್ಸ್, ಲೆದರ್ ಬೆಲ್ಟ್ ಮತ್ತು ಇತರೇ ದಾಸ್ತಾನುಗಳ ಮೇಲೆ ಶೇ.15 ರಿಂದ 20 ರಷ್ಟು ರಿಯಾಯಿತಿ ದರದಲ್ಲಿ ಮಾರಾಟ ಮಾಡಲಿದೆ. ಸಾರ್ವಜನಿಕರು ಈ ರಿಯಾಯಿತಿ ಸೌಲಭ್ಯದ ಸದುಪಯೋಗ ಪಡೆದುಕೊಳ್ಳಬೇಕೆಂದು ನಿಗಮದ ವ್ಯವಸ್ಥಾಪಕ ಮಂಜುನಾಥ್ ಎನ್. ಪ್ರಕಟಣೆಯಲ್ಲಿ ತಿಳಿಸಿದ್ದಾರೆ.
